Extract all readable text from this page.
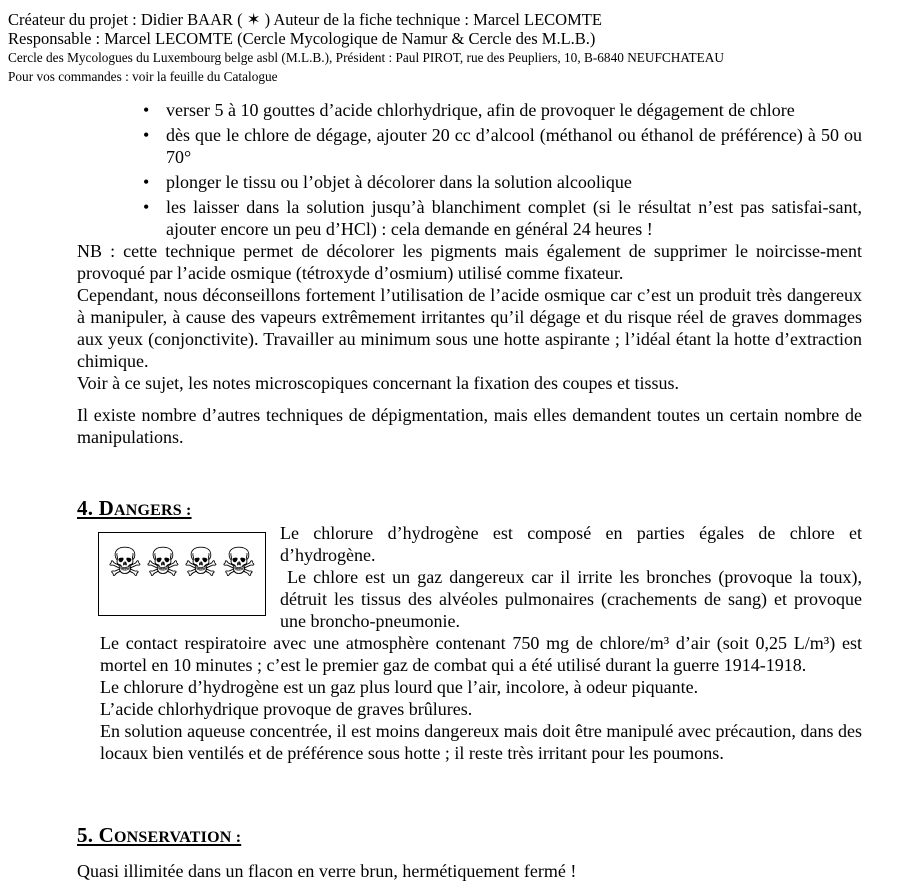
Créateur du projet : Didier BAAR ( ✶ ) Auteur de la fiche technique : Marcel LECOMTE
Responsable : Marcel LECOMTE (Cercle Mycologique de Namur & Cercle des M.L.B.)
Cercle des Mycologues du Luxembourg belge asbl (M.L.B.), Président : Paul PIROT, rue des Peupliers, 10, B-6840 NEUFCHATEAU
Pour vos commandes : voir la feuille du Catalogue
• verser 5 à 10 gouttes d’acide chlorhydrique, afin de provoquer le dégagement de chlore
• dès que le chlore de dégage, ajouter 20 cc d’alcool (méthanol ou éthanol de préférence) à 50 ou 70°
• plonger le tissu ou l’objet à décolorer dans la solution alcoolique
• les laisser dans la solution jusqu’à blanchiment complet (si le résultat n’est pas satisfai-sant, ajouter encore un peu d’HCl) : cela demande en général 24 heures !

NB : cette technique permet de décolorer les pigments mais également de supprimer le noircisse-ment provoqué par l’acide osmique (tétroxyde d’osmium) utilisé comme fixateur.

Cependant, nous déconseillons fortement l’utilisation de l’acide osmique car c’est un produit très dangereux à manipuler, à cause des vapeurs extrêmement irritantes qu’il dégage et du risque réel de graves dommages aux yeux (conjonctivite). Travailler au minimum sous une hotte aspirante ; l’idéal étant la hotte d’extraction chimique.

Voir à ce sujet, les notes microscopiques concernant la fixation des coupes et tissus.

Il existe nombre d’autres techniques de dépigmentation, mais elles demandent toutes un certain nombre de manipulations.

4. DANGERS :
☠ ☠ ☠ ☠

Le chlorure d’hydrogène est composé en parties égales de chlore et d’hydrogène.

Le chlore est un gaz dangereux car il irrite les bronches (provoque la toux), détruit les tissus des alvéoles pulmonaires (crachements de sang) et provoque une broncho-pneumonie.

Le contact respiratoire avec une atmosphère contenant 750 mg de chlore/m³ d’air (soit 0,25 L/m³) est mortel en 10 minutes ; c’est le premier gaz de combat qui a été utilisé durant la guerre 1914-1918.

Le chlorure d’hydrogène est un gaz plus lourd que l’air, incolore, à odeur piquante.

L’acide chlorhydrique provoque de graves brûlures.

En solution aqueuse concentrée, il est moins dangereux mais doit être manipulé avec précaution, dans des locaux bien ventilés et de préférence sous hotte ; il reste très irritant pour les poumons.

5. CONSERVATION :
Quasi illimitée dans un flacon en verre brun, hermétiquement fermé !
